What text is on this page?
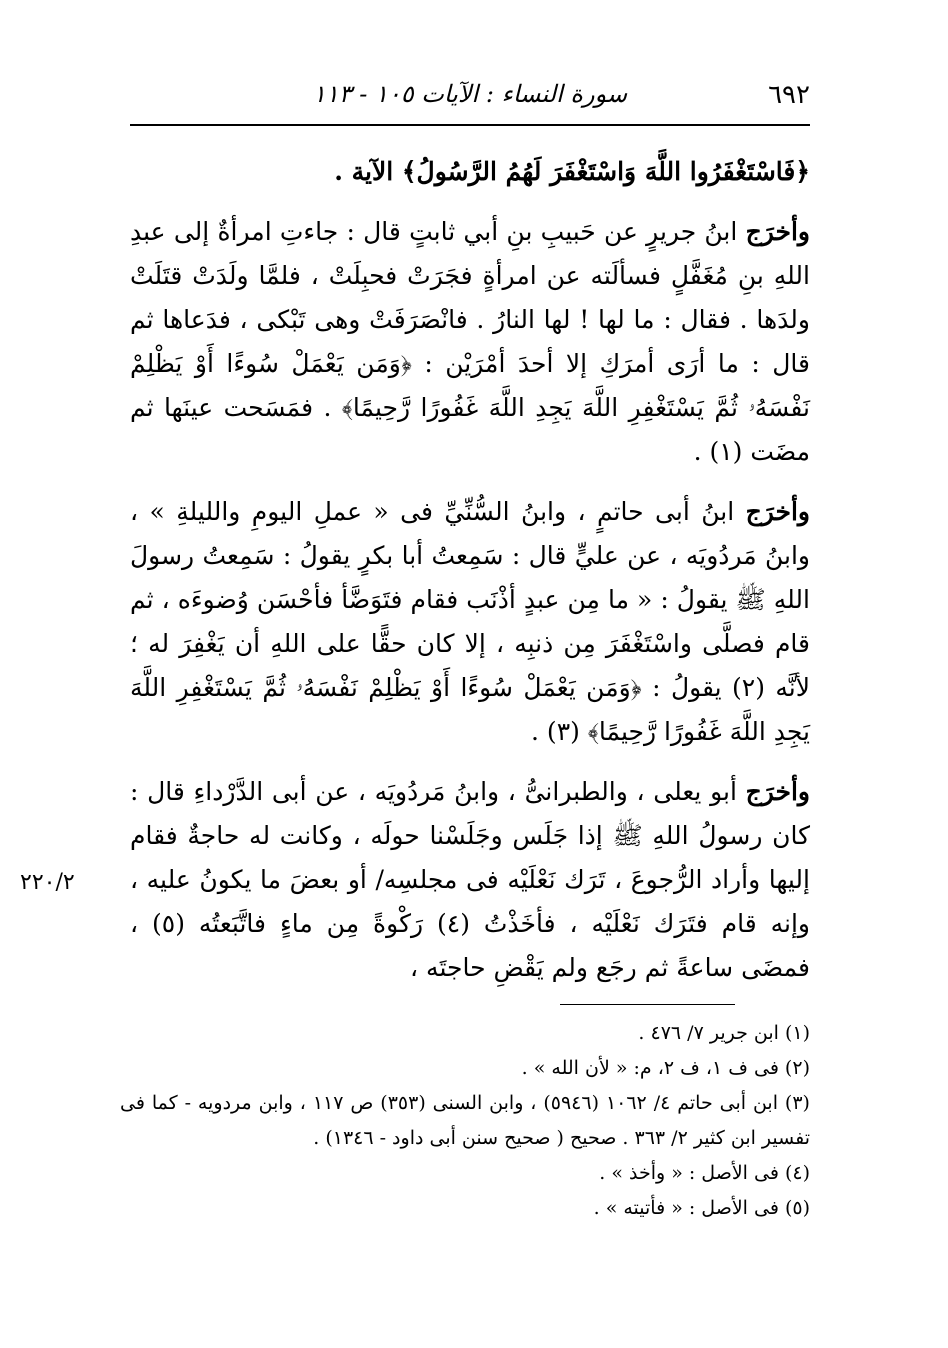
٦٩٢
سورة النساء : الآيات ١٠٥ - ١١٣

﴿فَاسْتَغْفَرُوا اللَّهَ وَاسْتَغْفَرَ لَهُمُ الرَّسُولُ﴾ الآية .

وأخرَج ابنُ جريرٍ عن حَبيبِ بنِ أبي ثابتٍ قال : جاءتِ امرأةٌ إلى عبدِ اللهِ بنِ مُغَفَّلٍ فسألَته عن امرأةٍ فجَرَتْ فحبِلَتْ ، فلمَّا ولَدَتْ قتَلَتْ ولدَها . فقال : ما لها ! لها النارُ . فانْصَرَفَتْ وهى تَبْكى ، فدَعاها ثم قال : ما أرَى أمرَكِ إلا أحدَ أمْرَيْن : ﴿وَمَن يَعْمَلْ سُوءًا أَوْ يَظْلِمْ نَفْسَهُۥ ثُمَّ يَسْتَغْفِرِ اللَّهَ يَجِدِ اللَّهَ غَفُورًا رَّحِيمًا﴾ . فمَسَحت عينَها ثم مضَت (١) .

وأخرَج ابنُ أبى حاتمٍ ، وابنُ السُّنِّيِّ فى « عملِ اليومِ والليلةِ » ، وابنُ مَردُويَه ، عن عليٍّ قال : سَمِعتُ أبا بكرٍ يقولُ : سَمِعتُ رسولَ اللهِ ﷺ يقولُ : « ما مِن عبدٍ أذْنَب فقام فتَوَضَّأ فأحْسَن وُضوءَه ، ثم قام فصلَّى واسْتَغْفَرَ مِن ذنبِه ، إلا كان حقًّا على اللهِ أن يَغْفِرَ له ؛ لأنَّه (٢) يقولُ : ﴿وَمَن يَعْمَلْ سُوءًا أَوْ يَظْلِمْ نَفْسَهُۥ ثُمَّ يَسْتَغْفِرِ اللَّهَ يَجِدِ اللَّهَ غَفُورًا رَّحِيمًا﴾ (٣) .

وأخرَج أبو يعلى ، والطبرانىُّ ، وابنُ مَردُويَه ، عن أبى الدَّرْداءِ قال : كان رسولُ اللهِ ﷺ إذا جَلَس وجَلَسْنا حولَه ، وكانت له حاجةٌ فقام إليها وأراد الرُّجوعَ ، تَرَك نَعْلَيْه فى مجلسِه/ أو بعضَ ما يكونُ عليه ، وإنه قام فتَرَك نَعْلَيْه ، فأخَذْتُ (٤) رَكْوةً مِن ماءٍ فاتَّبَعتُه (٥) ، فمضَى ساعةً ثم رجَع ولم يَقْضِ حاجتَه ،

٢٢٠/٢

(١) ابن جرير ٧/ ٤٧٦ .

(٢) فى ف ١، ف ٢، م: « لأن الله » .

(٣) ابن أبى حاتم ٤/ ١٠٦٢ (٥٩٤٦) ، وابن السنى (٣٥٣) ص ١١٧ ، وابن مردويه - كما فى تفسير ابن كثير ٢/ ٣٦٣ . صحيح ( صحيح سنن أبى داود - ١٣٤٦) .

(٤) فى الأصل : « وأخذ » .

(٥) فى الأصل : « فأتيته » .
